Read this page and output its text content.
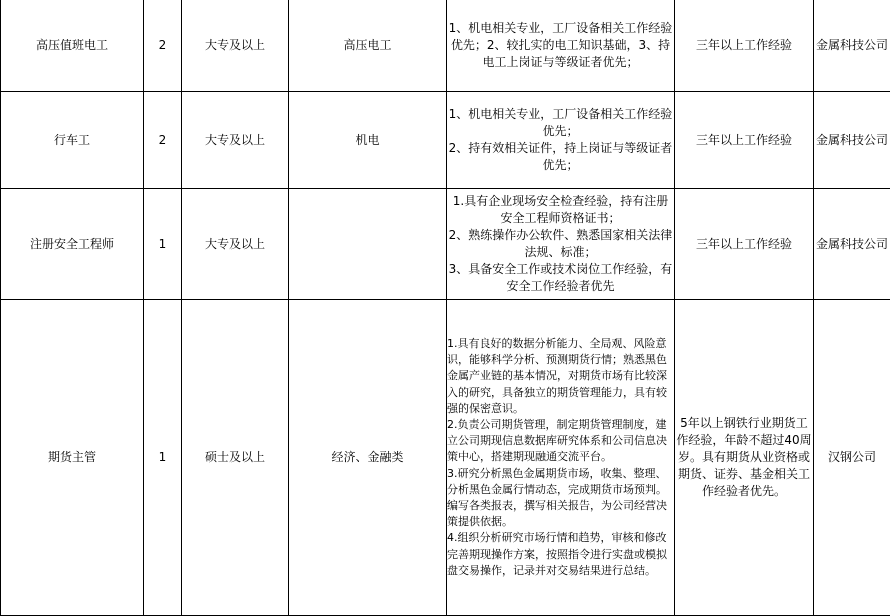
高压值班电工	2	大专及以上	高压电工	1、机电相关专业，工厂设备相关工作经验优先；2、较扎实的电工知识基础，3、持电工上岗证与等级证者优先；	三年以上工作经验	金属科技公司
行车工	2	大专及以上	机电	1、机电相关专业，工厂设备相关工作经验优先；

2、持有效相关证件，持上岗证与等级证者优先；	三年以上工作经验	金属科技公司
注册安全工程师	1	大专及以上		1.具有企业现场安全检查经验，持有注册安全工程师资格证书；

2、熟练操作办公软件、熟悉国家相关法律法规、标准；

3、具备安全工作或技术岗位工作经验，有安全工作经验者优先	三年以上工作经验	金属科技公司
期货主管	1	硕士及以上	经济、金融类	1.具有良好的数据分析能力、全局观、风险意识，能够科学分析、预测期货行情；熟悉黑色金属产业链的基本情况，对期货市场有比较深入的研究，具备独立的期货管理能力，具有较强的保密意识。

2.负责公司期货管理，制定期货管理制度，建立公司期现信息数据库研究体系和公司信息决策中心，搭建期现融通交流平台。

3.研究分析黑色金属期货市场，收集、整理、分析黑色金属行情动态，完成期货市场预判。编写各类报表，撰写相关报告，为公司经营决策提供依据。

4.组织分析研究市场行情和趋势，审核和修改完善期现操作方案，按照指令进行实盘或模拟盘交易操作，记录并对交易结果进行总结。	5年以上钢铁行业期货工作经验，年龄不超过40周岁。具有期货从业资格或期货、证券、基金相关工作经验者优先。	汉钢公司
